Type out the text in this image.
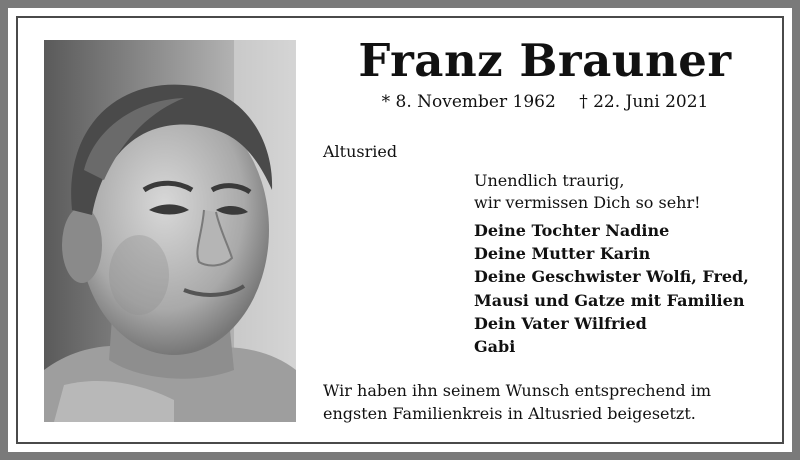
Franz Brauner
* 8. November 1962 † 22. Juni 2021
Altusried
Unendlich traurig,
wir vermissen Dich so sehr!
Deine Tochter Nadine
Deine Mutter Karin
Deine Geschwister Wolfi, Fred,
Mausi und Gatze mit Familien
Dein Vater Wilfried
Gabi
Wir haben ihn seinem Wunsch entsprechend im
engsten Familienkreis in Altusried beigesetzt.
